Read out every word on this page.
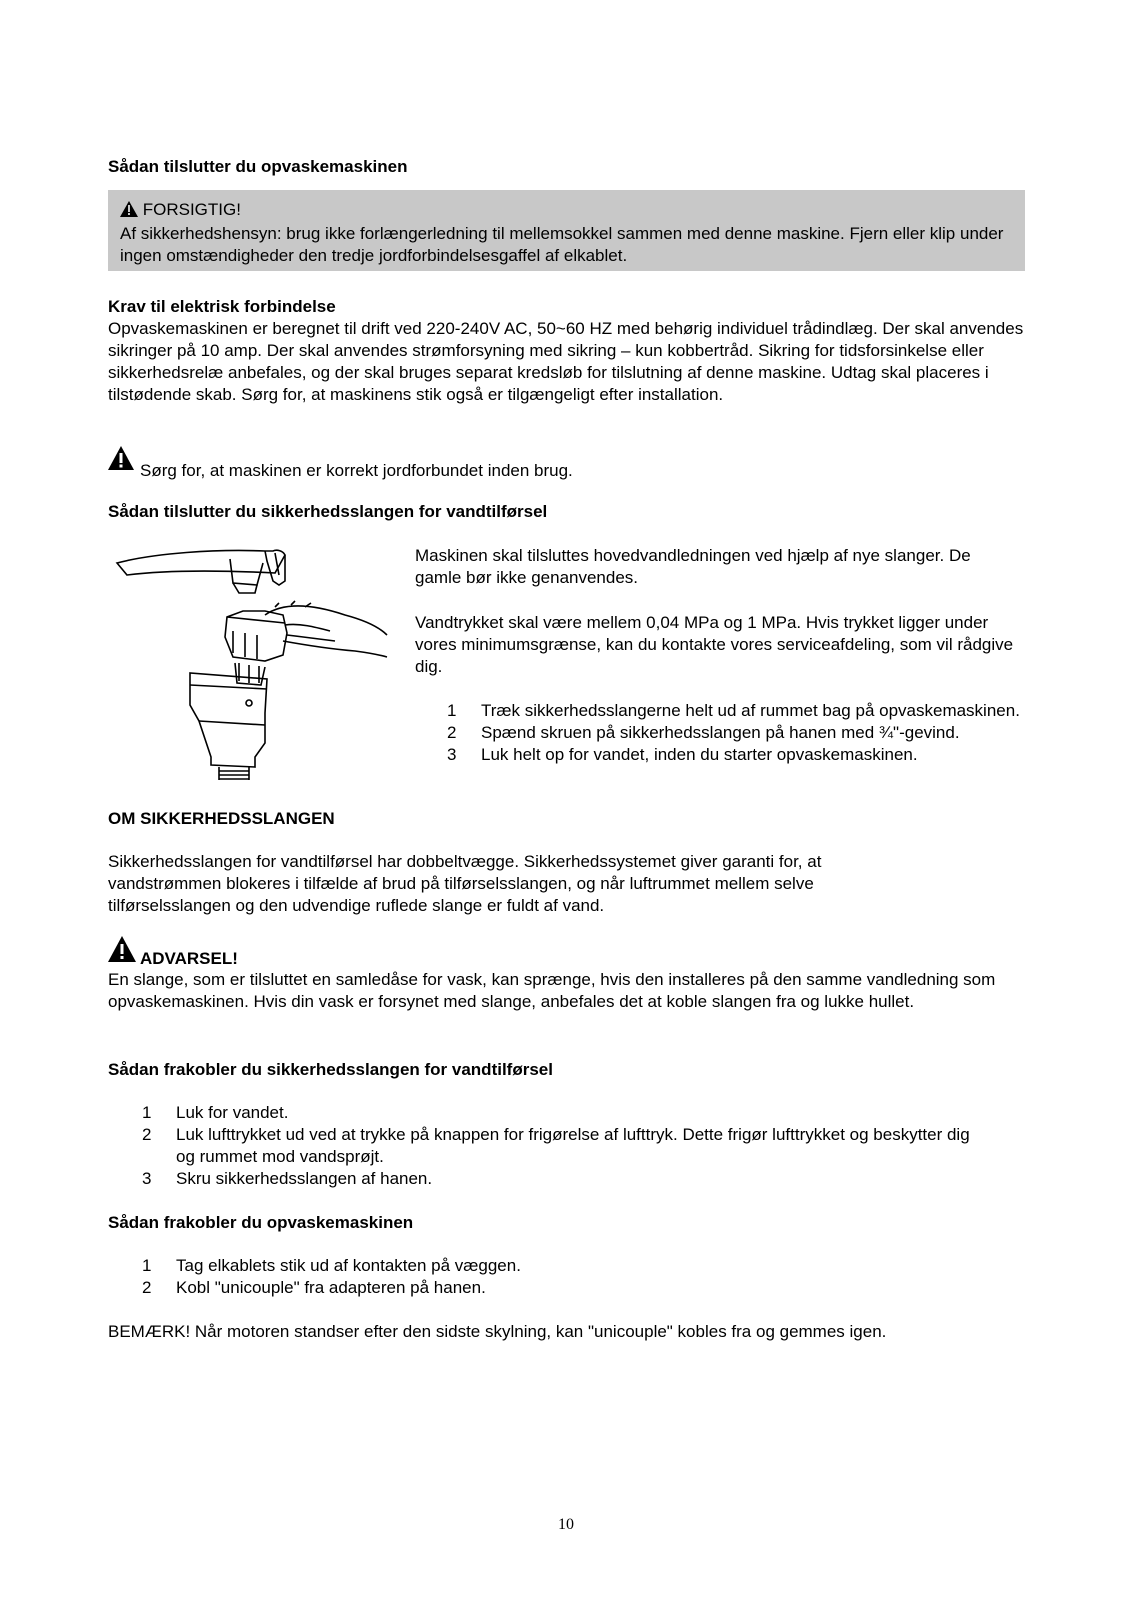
Sådan tilslutter du opvaskemaskinen
FORSIGTIG!
Af sikkerhedshensyn: brug ikke forlængerledning til mellemsokkel sammen med denne maskine. Fjern eller klip under ingen omstændigheder den tredje jordforbindelsesgaffel af elkablet.
Krav til elektrisk forbindelse
Opvaskemaskinen er beregnet til drift ved 220-240V AC, 50~60 HZ med behørig individuel trådindlæg. Der skal anvendes sikringer på 10 amp. Der skal anvendes strømforsyning med sikring – kun kobbertråd. Sikring for tidsforsinkelse eller sikkerhedsrelæ anbefales, og der skal bruges separat kredsløb for tilslutning af denne maskine. Udtag skal placeres i tilstødende skab. Sørg for, at maskinens stik også er tilgængeligt efter installation.
Sørg for, at maskinen er korrekt jordforbundet inden brug.
Sådan tilslutter du sikkerhedsslangen for vandtilførsel
Maskinen skal tilsluttes hovedvandledningen ved hjælp af nye slanger. De gamle bør ikke genanvendes.
Vandtrykket skal være mellem 0,04 MPa og 1 MPa. Hvis trykket ligger under vores minimumsgrænse, kan du kontakte vores serviceafdeling, som vil rådgive dig.
1 Træk sikkerhedsslangerne helt ud af rummet bag på opvaskemaskinen.
2 Spænd skruen på sikkerhedsslangen på hanen med ¾"-gevind.
3 Luk helt op for vandet, inden du starter opvaskemaskinen.
OM SIKKERHEDSSLANGEN
Sikkerhedsslangen for vandtilførsel har dobbeltvægge. Sikkerhedssystemet giver garanti for, at vandstrømmen blokeres i tilfælde af brud på tilførselsslangen, og når luftrummet mellem selve tilførselsslangen og den udvendige ruflede slange er fuldt af vand.
ADVARSEL!
En slange, som er tilsluttet en samledåse for vask, kan sprænge, hvis den installeres på den samme vandledning som opvaskemaskinen. Hvis din vask er forsynet med slange, anbefales det at koble slangen fra og lukke hullet.
Sådan frakobler du sikkerhedsslangen for vandtilførsel
1 Luk for vandet.
2 Luk lufttrykket ud ved at trykke på knappen for frigørelse af lufttryk. Dette frigør lufttrykket og beskytter dig og rummet mod vandsprøjt.
3 Skru sikkerhedsslangen af hanen.
Sådan frakobler du opvaskemaskinen
1 Tag elkablets stik ud af kontakten på væggen.
2 Kobl "unicouple" fra adapteren på hanen.
BEMÆRK! Når motoren standser efter den sidste skylning, kan "unicouple" kobles fra og gemmes igen.
10
